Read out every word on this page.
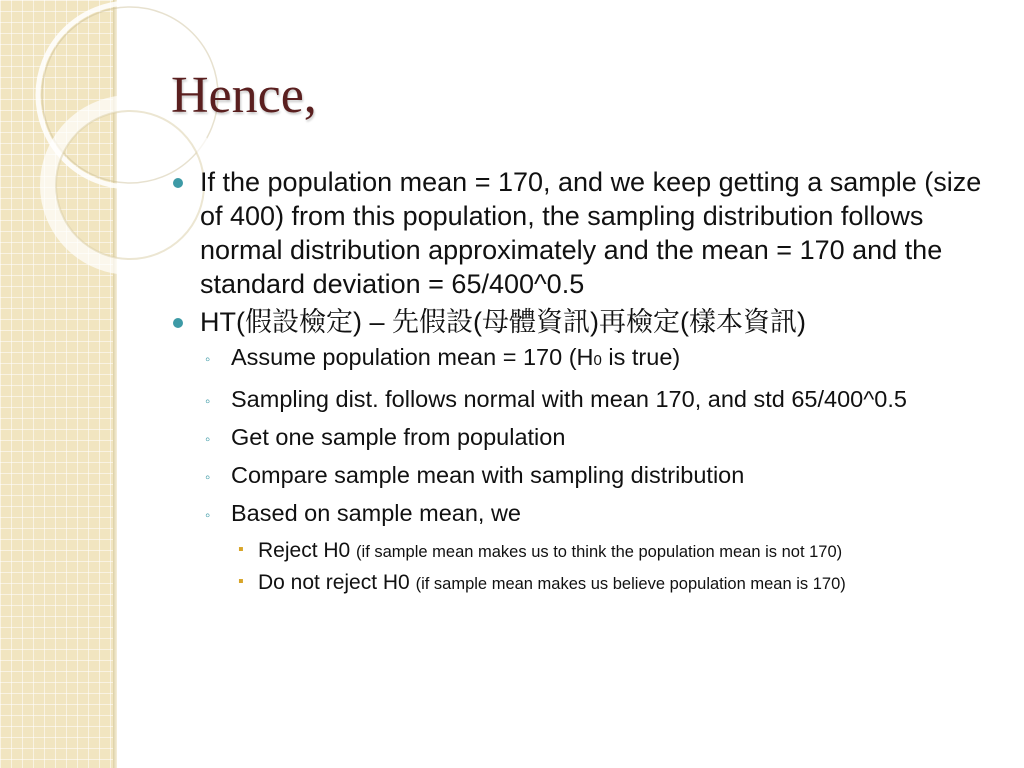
Hence,
If the population mean = 170, and we keep getting a sample (size of 400) from this population, the sampling distribution follows normal distribution approximately and the mean = 170 and the standard deviation = 65/400^0.5
HT(假設檢定) – 先假設(母體資訊)再檢定(樣本資訊)
◦ Assume population mean = 170 (H0 is true)
◦ Sampling dist. follows normal with mean 170, and std 65/400^0.5
◦ Get one sample from population
◦ Compare sample mean with sampling distribution
◦ Based on sample mean, we
▪ Reject H0 (if sample mean makes us to think the population mean is not 170)
▪ Do not reject H0 (if sample mean makes us believe population mean is 170)
